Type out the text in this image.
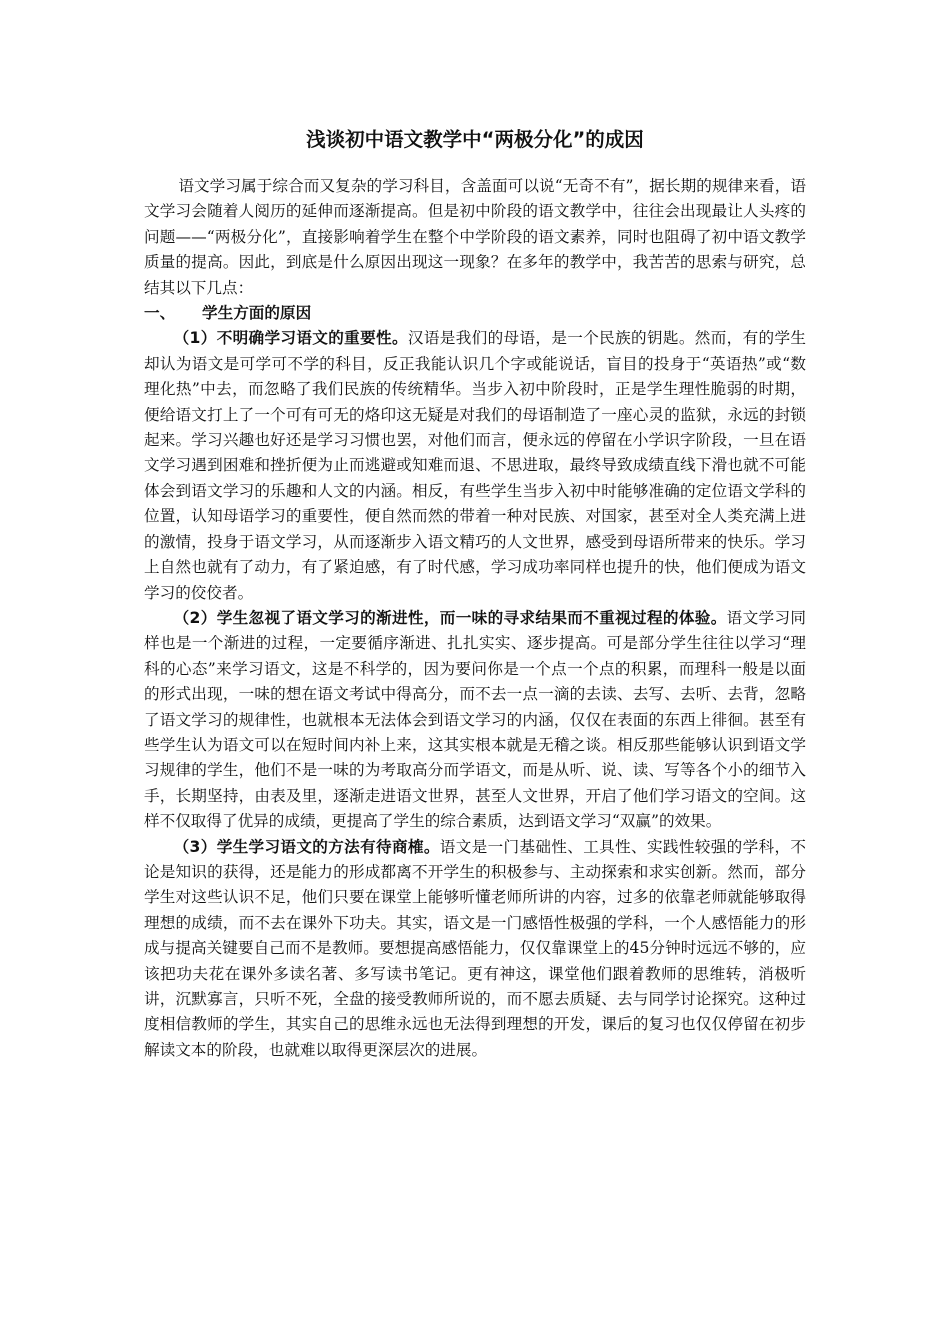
浅谈初中语文教学中“两极分化”的成因

语文学习属于综合而又复杂的学习科目，含盖面可以说“无奇不有”，据长期的规律来看，语文学习会随着人阅历的延伸而逐渐提高。但是初中阶段的语文教学中，往往会出现最让人头疼的问题——“两极分化”，直接影响着学生在整个中学阶段的语文素养，同时也阻碍了初中语文教学质量的提高。因此，到底是什么原因出现这一现象？在多年的教学中，我苦苦的思索与研究，总结其以下几点：

一、 学生方面的原因

（1）不明确学习语文的重要性。汉语是我们的母语，是一个民族的钥匙。然而，有的学生却认为语文是可学可不学的科目，反正我能认识几个字或能说话，盲目的投身于“英语热”或“数理化热”中去，而忽略了我们民族的传统精华。当步入初中阶段时，正是学生理性脆弱的时期，便给语文打上了一个可有可无的烙印这无疑是对我们的母语制造了一座心灵的监狱，永远的封锁起来。学习兴趣也好还是学习习惯也罢，对他们而言，便永远的停留在小学识字阶段，一旦在语文学习遇到困难和挫折便为止而逃避或知难而退、不思进取，最终导致成绩直线下滑也就不可能体会到语文学习的乐趣和人文的内涵。相反，有些学生当步入初中时能够准确的定位语文学科的位置，认知母语学习的重要性，便自然而然的带着一种对民族、对国家，甚至对全人类充满上进的激情，投身于语文学习，从而逐渐步入语文精巧的人文世界，感受到母语所带来的快乐。学习上自然也就有了动力，有了紧迫感，有了时代感，学习成功率同样也提升的快，他们便成为语文学习的佼佼者。

（2）学生忽视了语文学习的渐进性，而一味的寻求结果而不重视过程的体验。语文学习同样也是一个渐进的过程，一定要循序渐进、扎扎实实、逐步提高。可是部分学生往往以学习“理科的心态”来学习语文，这是不科学的，因为要问你是一个点一个点的积累，而理科一般是以面的形式出现，一味的想在语文考试中得高分，而不去一点一滴的去读、去写、去听、去背，忽略了语文学习的规律性，也就根本无法体会到语文学习的内涵，仅仅在表面的东西上徘徊。甚至有些学生认为语文可以在短时间内补上来，这其实根本就是无稽之谈。相反那些能够认识到语文学习规律的学生，他们不是一味的为考取高分而学语文，而是从听、说、读、写等各个小的细节入手，长期坚持，由表及里，逐渐走进语文世界，甚至人文世界，开启了他们学习语文的空间。这样不仅取得了优异的成绩，更提高了学生的综合素质，达到语文学习“双赢”的效果。

（3）学生学习语文的方法有待商榷。语文是一门基础性、工具性、实践性较强的学科，不论是知识的获得，还是能力的形成都离不开学生的积极参与、主动探索和求实创新。然而，部分学生对这些认识不足，他们只要在课堂上能够听懂老师所讲的内容，过多的依靠老师就能够取得理想的成绩，而不去在课外下功夫。其实，语文是一门感悟性极强的学科，一个人感悟能力的形成与提高关键要自己而不是教师。要想提高感悟能力，仅仅靠课堂上的45分钟时远远不够的，应该把功夫花在课外多读名著、多写读书笔记。更有神这，课堂他们跟着教师的思维转，消极听讲，沉默寡言，只听不死，全盘的接受教师所说的，而不愿去质疑、去与同学讨论探究。这种过度相信教师的学生，其实自己的思维永远也无法得到理想的开发，课后的复习也仅仅停留在初步解读文本的阶段，也就难以取得更深层次的进展。
